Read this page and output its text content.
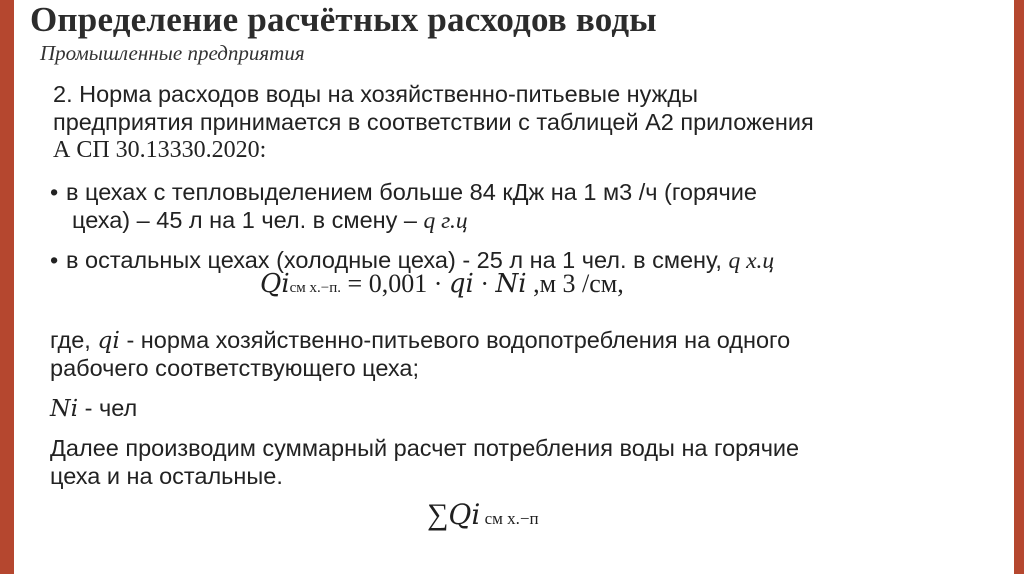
Определение расчётных расходов воды
Промышленные предприятия
2. Норма расходов воды на хозяйственно-питьевые нужды
предприятия принимается в соответствии с таблицей А2 приложения
А СП 30.13330.2020:
• в цехах с тепловыделением больше 84 кДж на 1 м3 /ч (горячие
цеха) – 45 л на 1 чел. в смену – q г.ц
• в остальных цехах (холодные цеха) - 25 л на 1 чел. в смену, q х.ц
Qiсм х.−п. = 0,001 · qi · Ni ,м 3 /см,
где, qi - норма хозяйственно-питьевого водопотребления на одного
рабочего соответствующего цеха;
Ni - чел
Далее производим суммарный расчет потребления воды на горячие
цеха и на остальные.
∑Qi см х.−п
